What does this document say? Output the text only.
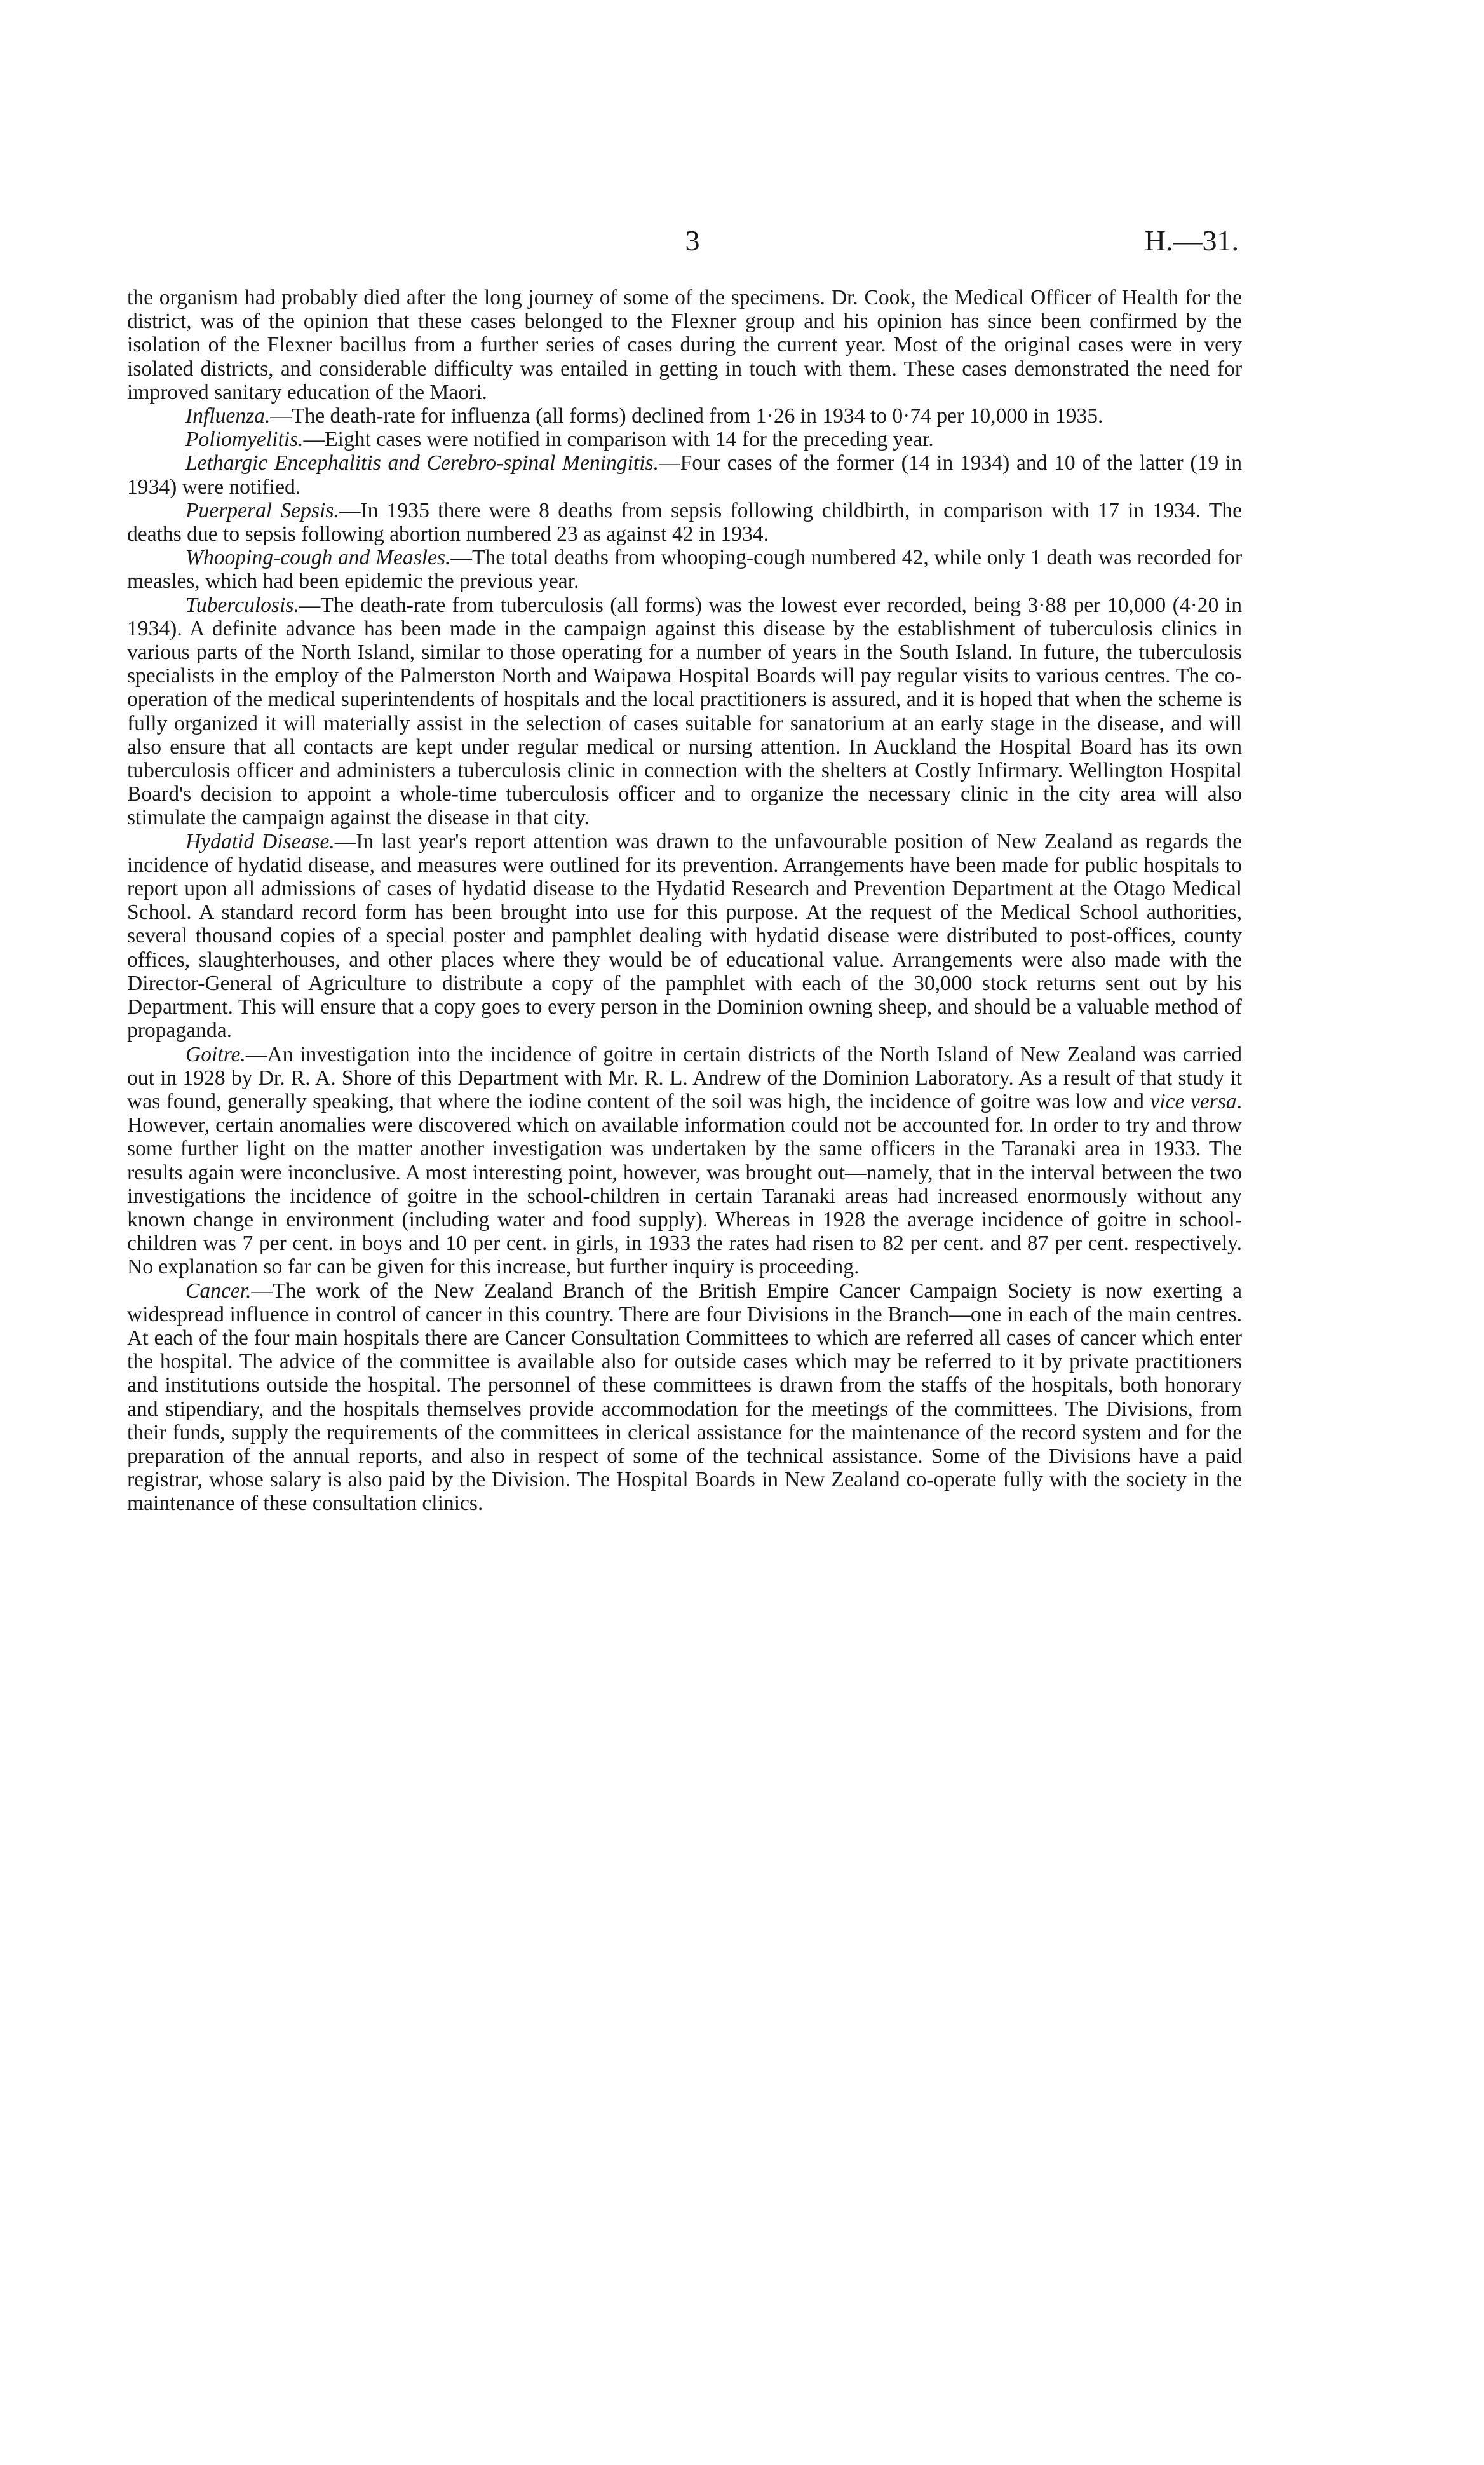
3	H.—31.

the organism had probably died after the long journey of some of the specimens. Dr. Cook, the Medical Officer of Health for the district, was of the opinion that these cases belonged to the Flexner group and his opinion has since been confirmed by the isolation of the Flexner bacillus from a further series of cases during the current year. Most of the original cases were in very isolated districts, and considerable difficulty was entailed in getting in touch with them. These cases demonstrated the need for improved sanitary education of the Maori.

Influenza.—The death-rate for influenza (all forms) declined from 1·26 in 1934 to 0·74 per 10,000 in 1935.

Poliomyelitis.—Eight cases were notified in comparison with 14 for the preceding year.

Lethargic Encephalitis and Cerebro-spinal Meningitis.—Four cases of the former (14 in 1934) and 10 of the latter (19 in 1934) were notified.

Puerperal Sepsis.—In 1935 there were 8 deaths from sepsis following childbirth, in comparison with 17 in 1934. The deaths due to sepsis following abortion numbered 23 as against 42 in 1934.

Whooping-cough and Measles.—The total deaths from whooping-cough numbered 42, while only 1 death was recorded for measles, which had been epidemic the previous year.

Tuberculosis.—The death-rate from tuberculosis (all forms) was the lowest ever recorded, being 3·88 per 10,000 (4·20 in 1934). A definite advance has been made in the campaign against this disease by the establishment of tuberculosis clinics in various parts of the North Island, similar to those operating for a number of years in the South Island. In future, the tuberculosis specialists in the employ of the Palmerston North and Waipawa Hospital Boards will pay regular visits to various centres. The co-operation of the medical superintendents of hospitals and the local practitioners is assured, and it is hoped that when the scheme is fully organized it will materially assist in the selection of cases suitable for sanatorium at an early stage in the disease, and will also ensure that all contacts are kept under regular medical or nursing attention. In Auckland the Hospital Board has its own tuberculosis officer and administers a tuberculosis clinic in connection with the shelters at Costly Infirmary. Wellington Hospital Board's decision to appoint a whole-time tuberculosis officer and to organize the necessary clinic in the city area will also stimulate the campaign against the disease in that city.

Hydatid Disease.—In last year's report attention was drawn to the unfavourable position of New Zealand as regards the incidence of hydatid disease, and measures were outlined for its prevention. Arrangements have been made for public hospitals to report upon all admissions of cases of hydatid disease to the Hydatid Research and Prevention Department at the Otago Medical School. A standard record form has been brought into use for this purpose. At the request of the Medical School authorities, several thousand copies of a special poster and pamphlet dealing with hydatid disease were distributed to post-offices, county offices, slaughterhouses, and other places where they would be of educational value. Arrangements were also made with the Director-General of Agriculture to distribute a copy of the pamphlet with each of the 30,000 stock returns sent out by his Department. This will ensure that a copy goes to every person in the Dominion owning sheep, and should be a valuable method of propaganda.

Goitre.—An investigation into the incidence of goitre in certain districts of the North Island of New Zealand was carried out in 1928 by Dr. R. A. Shore of this Department with Mr. R. L. Andrew of the Dominion Laboratory. As a result of that study it was found, generally speaking, that where the iodine content of the soil was high, the incidence of goitre was low and vice versa. However, certain anomalies were discovered which on available information could not be accounted for. In order to try and throw some further light on the matter another investigation was undertaken by the same officers in the Taranaki area in 1933. The results again were inconclusive. A most interesting point, however, was brought out—namely, that in the interval between the two investigations the incidence of goitre in the school-children in certain Taranaki areas had increased enormously without any known change in environment (including water and food supply). Whereas in 1928 the average incidence of goitre in school-children was 7 per cent. in boys and 10 per cent. in girls, in 1933 the rates had risen to 82 per cent. and 87 per cent. respectively. No explanation so far can be given for this increase, but further inquiry is proceeding.

Cancer.—The work of the New Zealand Branch of the British Empire Cancer Campaign Society is now exerting a widespread influence in control of cancer in this country. There are four Divisions in the Branch—one in each of the main centres. At each of the four main hospitals there are Cancer Consultation Committees to which are referred all cases of cancer which enter the hospital. The advice of the committee is available also for outside cases which may be referred to it by private practitioners and institutions outside the hospital. The personnel of these committees is drawn from the staffs of the hospitals, both honorary and stipendiary, and the hospitals themselves provide accommodation for the meetings of the committees. The Divisions, from their funds, supply the requirements of the committees in clerical assistance for the maintenance of the record system and for the preparation of the annual reports, and also in respect of some of the technical assistance. Some of the Divisions have a paid registrar, whose salary is also paid by the Division. The Hospital Boards in New Zealand co-operate fully with the society in the maintenance of these consultation clinics.
